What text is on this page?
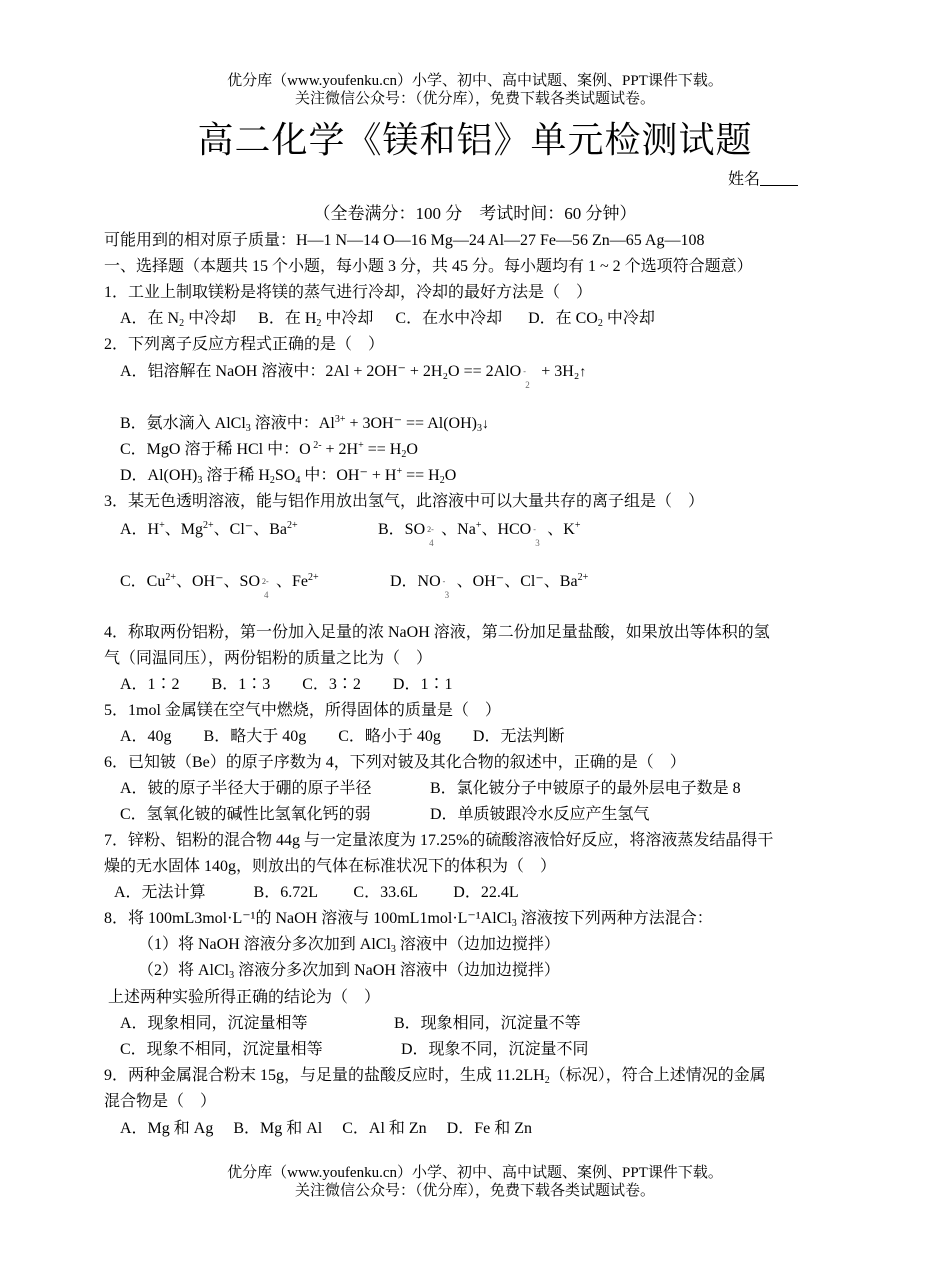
优分库（www.youfenku.cn）小学、初中、高中试题、案例、PPT课件下载。
关注微信公众号：（优分库），免费下载各类试题试卷。
高二化学《镁和铝》单元检测试题
姓名
（全卷满分：100 分　考试时间：60 分钟）
可能用到的相对原子质量：H—1 N—14 O—16 Mg—24 Al—27 Fe—56 Zn—65 Ag—108
一、选择题（本题共 15 个小题，每小题 3 分，共 45 分。每小题均有 1 ~ 2 个选项符合题意）
1．工业上制取镁粉是将镁的蒸气进行冷却，冷却的最好方法是（　）
A．在 $N_2$ 中冷却 B．在 $H_2$ 中冷却 C．在水中冷却 D．在 $CO_2$ 中冷却
2．下列离子反应方程式正确的是（　）
A．铝溶解在 NaOH 溶液中：2Al + 2OH⁻ + 2H₂O == 2AlO -
2
+ 3H₂↑
B．氨水滴入 AlCl$_3$ 溶液中：$Al^{3+} + 3OH^-$ == $Al(OH)_3↓$
C．MgO 溶于稀 HCl 中：O $^{2-} + 2H^+ == H_2O$
D．$Al(OH)_3$ 溶于稀 $H_2SO_4$ 中：$OH^- + H^+ == H_2O$
3．某无色透明溶液，能与铝作用放出氢气，此溶液中可以大量共存的离子组是（　）
A．H+、$Mg^{2+}$、Cl⁻、$Ba^{2+}$	B．SO 2-
4
、Na+、HCO -
3
、K+
C．$Cu^{2+}$、OH⁻、SO 2-
4
、$Fe^{2+}$	D．NO -
3
、OH⁻、Cl⁻、$Ba^{2+}$
4．称取两份铝粉，第一份加入足量的浓 NaOH 溶液，第二份加足量盐酸，如果放出等体积的氢
气（同温同压），两份铝粉的质量之比为（　）
A．1∶2　　B．1∶3　　C．3∶2　　D．1∶1
5．1mol 金属镁在空气中燃烧，所得固体的质量是（　）
A．40g　　B．略大于 40g　　C．略小于 40g　　D．无法判断
6．已知铍（Be）的原子序数为 4，下列对铍及其化合物的叙述中，正确的是（　）
A．铍的原子半径大于硼的原子半径	B．氯化铍分子中铍原子的最外层电子数是 8
C．氢氧化铍的碱性比氢氧化钙的弱	D．单质铍跟冷水反应产生氢气
7．锌粉、铝粉的混合物 44g 与一定量浓度为 17.25%的硫酸溶液恰好反应，将溶液蒸发结晶得干
燥的无水固体 140g，则放出的气体在标准状况下的体积为（　）
A．无法计算　　　B．6.72L　　 C．33.6L　　 D．22.4L
8．将 100mL3mol·L⁻¹的 NaOH 溶液与 100mL1mol·L⁻¹AlCl$_3$ 溶液按下列两种方法混合：
（1）将 NaOH 溶液分多次加到 AlCl$_3$ 溶液中（边加边搅拌）
（2）将 AlCl$_3$ 溶液分多次加到 NaOH 溶液中（边加边搅拌）
上述两种实验所得正确的结论为（　）
A．现象相同，沉淀量相等	B．现象相同，沉淀量不等
C．现象不相同，沉淀量相等	D．现象不同，沉淀量不同
9．两种金属混合粉末 15g，与足量的盐酸反应时，生成 $11.2LH_2$（标况），符合上述情况的金属
混合物是（　）
A．Mg 和 Ag　 B．Mg 和 Al　 C．Al 和 Zn　 D．Fe 和 Zn
优分库（www.youfenku.cn）小学、初中、高中试题、案例、PPT课件下载。
关注微信公众号：（优分库），免费下载各类试题试卷。
